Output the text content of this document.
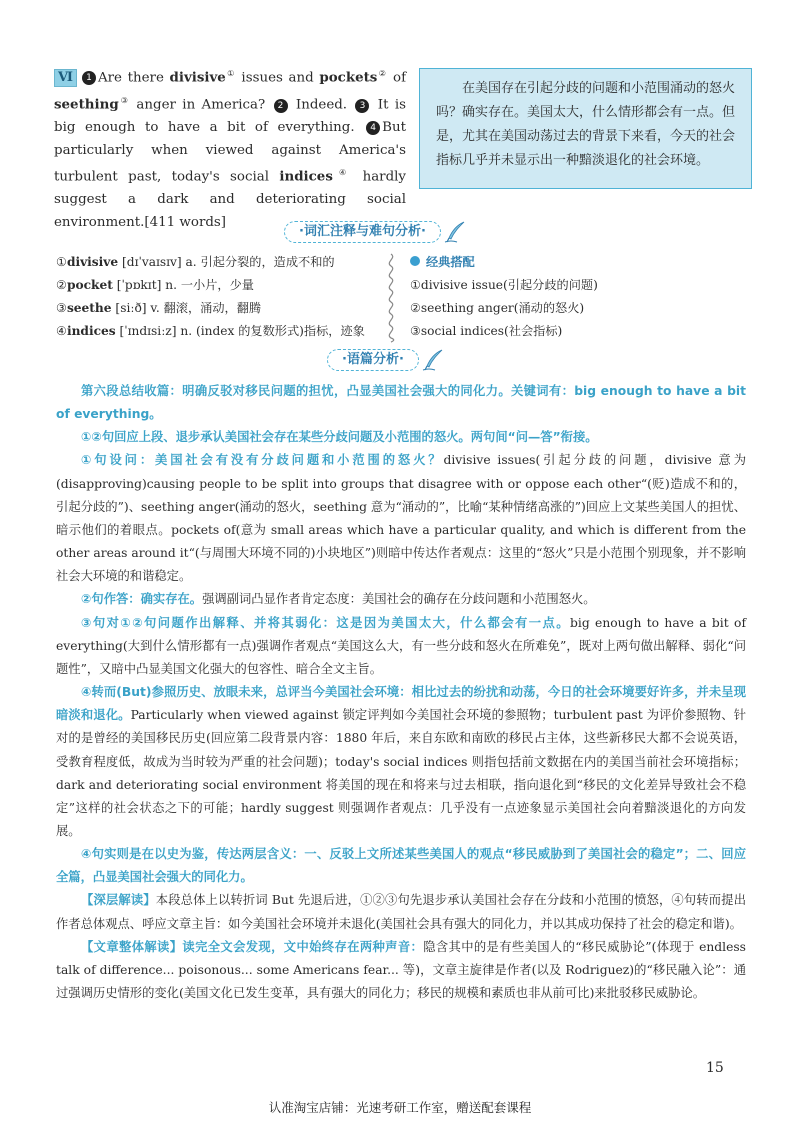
Ⅵ 1 Are there divisive① issues and pockets② of seething③ anger in America? 2 Indeed. 3 It is big enough to have a bit of everything. 4 But particularly when viewed against America's turbulent past, today's social indices④ hardly suggest a dark and deteriorating social environment.[411 words]
在美国存在引起分歧的问题和小范围涌动的怒火吗？确实存在。美国太大，什么情形都会有一点。但是，尤其在美国动荡过去的背景下来看，今天的社会指标几乎并未显示出一种黯淡退化的社会环境。
·词汇注释与难句分析·
①divisive [dɪˈvaɪsɪv] a. 引起分裂的，造成不和的
②pocket [ˈpɒkɪt] n. 一小片，少量
③seethe [siːð] v. 翻滚，涌动，翻腾
④indices [ˈɪndɪsiːz] n. (index 的复数形式)指标，迹象
经典搭配
①divisive issue(引起分歧的问题)
②seething anger(涌动的怒火)
③social indices(社会指标)
·语篇分析·

第六段总结收篇：明确反驳对移民问题的担忧，凸显美国社会强大的同化力。关键词有：big enough to have a bit of everything。

①②句回应上段、退步承认美国社会存在某些分歧问题及小范围的怒火。两句间“问—答”衔接。

①句设问：美国社会有没有分歧问题和小范围的怒火？divisive issues(引起分歧的问题，divisive 意为(disapproving)causing people to be split into groups that disagree with or oppose each other“(贬)造成不和的，引起分歧的”)、seething anger(涌动的怒火，seething 意为“涌动的”，比喻“某种情绪高涨的”)回应上文某些美国人的担忧、暗示他们的着眼点。pockets of(意为 small areas which have a particular quality, and which is different from the other areas around it“(与周围大环境不同的)小块地区”)则暗中传达作者观点：这里的“怒火”只是小范围个别现象，并不影响社会大环境的和谐稳定。

②句作答：确实存在。强调副词凸显作者肯定态度：美国社会的确存在分歧问题和小范围怒火。

③句对①②句问题作出解释、并将其弱化：这是因为美国太大，什么都会有一点。big enough to have a bit of everything(大到什么情形都有一点)强调作者观点“美国这么大，有一些分歧和怒火在所难免”，既对上两句做出解释、弱化“问题性”，又暗中凸显美国文化强大的包容性、暗合全文主旨。

④转而(But)参照历史、放眼未来，总评当今美国社会环境：相比过去的纷扰和动荡，今日的社会环境要好许多，并未呈现暗淡和退化。Particularly when viewed against 锁定评判如今美国社会环境的参照物；turbulent past 为评价参照物、针对的是曾经的美国移民历史(回应第二段背景内容：1880 年后，来自东欧和南欧的移民占主体，这些新移民大都不会说英语，受教育程度低，故成为当时较为严重的社会问题)；today's social indices 则指包括前文数据在内的美国当前社会环境指标；dark and deteriorating social environment 将美国的现在和将来与过去相联，指向退化到“移民的文化差异导致社会不稳定”这样的社会状态之下的可能；hardly suggest 则强调作者观点：几乎没有一点迹象显示美国社会向着黯淡退化的方向发展。

④句实则是在以史为鉴，传达两层含义：一、反驳上文所述某些美国人的观点“移民威胁到了美国社会的稳定”；二、回应全篇，凸显美国社会强大的同化力。

【深层解读】本段总体上以转折词 But 先退后进，①②③句先退步承认美国社会存在分歧和小范围的愤怒，④句转而提出作者总体观点、呼应文章主旨：如今美国社会环境并未退化(美国社会具有强大的同化力，并以其成功保持了社会的稳定和谐)。

【文章整体解读】读完全文会发现，文中始终存在两种声音：隐含其中的是有些美国人的“移民威胁论”(体现于 endless talk of difference... poisonous... some Americans fear... 等)，文章主旋律是作者(以及 Rodriguez)的“移民融入论”：通过强调历史情形的变化(美国文化已发生变革，具有强大的同化力；移民的规模和素质也非从前可比)来批驳移民威胁论。

15
认准淘宝店铺：光速考研工作室，赠送配套课程
